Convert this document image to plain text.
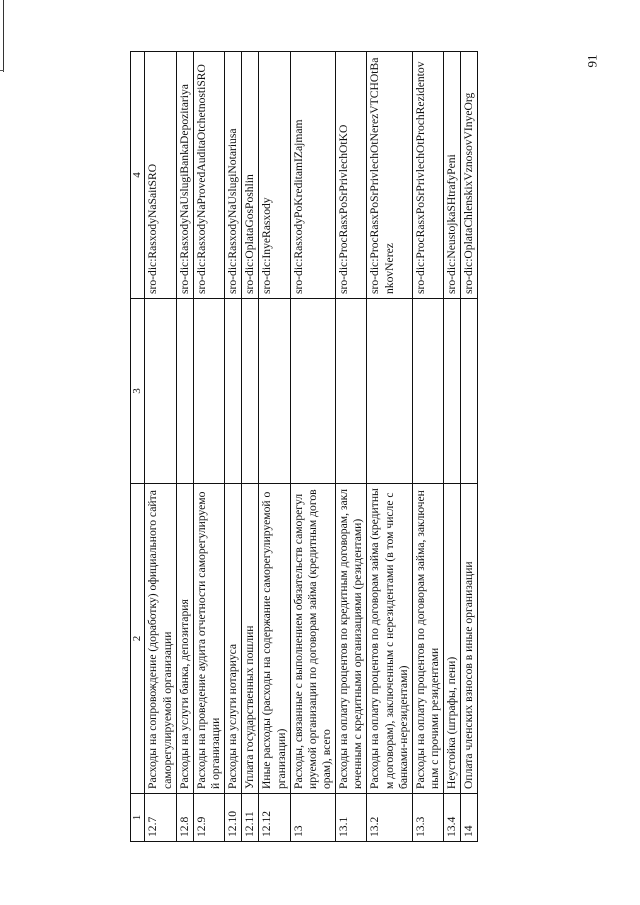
91
1	2	3	4
12.7	Расходы на сопровождение (доработку) официального сайта саморегулируемой организации		sro-dic:RasxodyNaSaitSRO
12.8	Расходы на услуги банка, депозитария		sro-dic:RasxodyNaUslugiBankaDepozitariya
12.9	Расходы на проведение аудита отчетности саморегулируемой организации		sro-dic:RasxodyNaProvedAuditaOtchetnostiSRO
12.10	Расходы на услуги нотариуса		sro-dic:RasxodyNaUslugiNotariusa
12.11	Уплата государственных пошлин		sro-dic:OplataGosPoshlin
12.12	Иные расходы (расходы на содержание саморегулируемой организации)		sro-dic:InyeRasxody
13	Расходы, связанные с выполнением обязательств саморегулируемой организации по договорам займа (кредитным договорам), всего		sro-dic:RasxodyPoKreditamIZajmam
13.1	Расходы на оплату процентов по кредитным договорам, заключенным с кредитными организациями (резидентами)		sro-dic:ProcRasxPoSrPrivlechOtKO
13.2	Расходы на оплату процентов по договорам займа (кредитным договорам), заключенным с нерезидентами (в том числе с банками-нерезидентами)		sro-dic:ProcRasxPoSrPrivlechOtNerezVTCHOtBankovNerez
13.3	Расходы на оплату процентов по договорам займа, заключенным с прочими резидентами		sro-dic:ProcRasxPoSrPrivlechOtProchRezidentov
13.4	Неустойка (штрафы, пени)		sro-dic:NeustojkaSHtrafyPeni
14	Оплата членских взносов в иные организации		sro-dic:OplataChlenskixVznosovVInyeOrg
